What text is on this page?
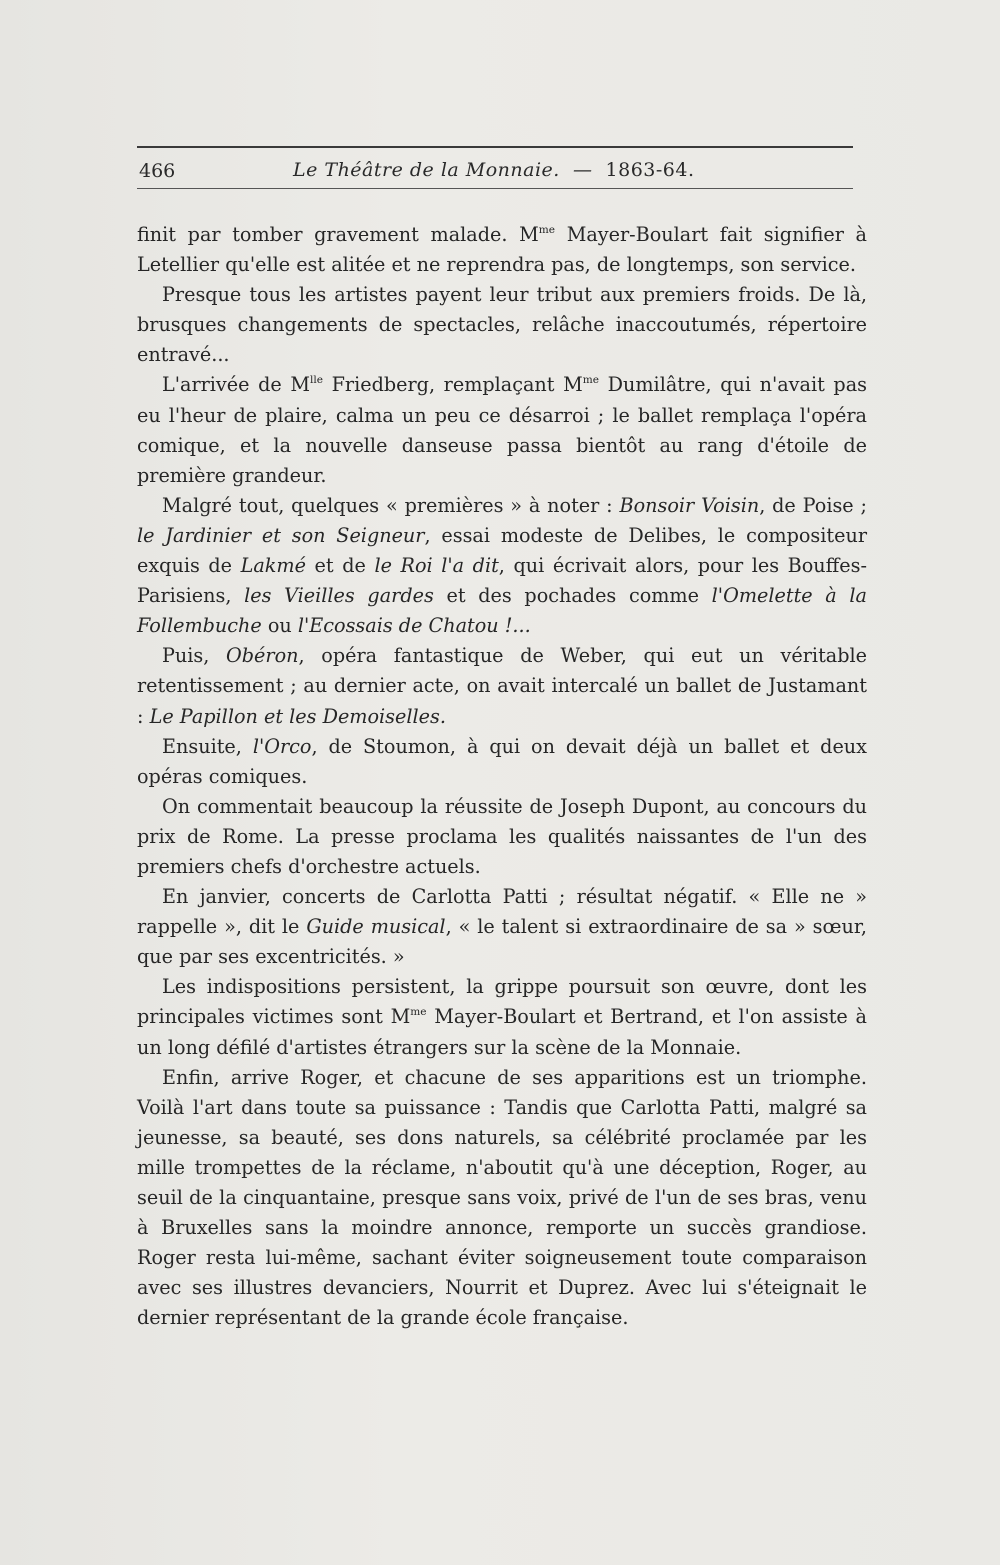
466	Le Théâtre de la Monnaie. — 1863-64.

finit par tomber gravement malade. $M^{me}$ Mayer-Boulart fait signifier à Letellier qu'elle est alitée et ne reprendra pas, de longtemps, son service.

Presque tous les artistes payent leur tribut aux premiers froids. De là, brusques changements de spectacles, relâche inaccoutumés, répertoire entravé...

L'arrivée de $M^{lle}$ Friedberg, remplaçant $M^{me}$ Dumilâtre, qui n'avait pas eu l'heur de plaire, calma un peu ce désarroi ; le ballet remplaça l'opéra comique, et la nouvelle danseuse passa bientôt au rang d'étoile de première grandeur.

Malgré tout, quelques « premières » à noter : Bonsoir Voisin, de Poise ; le Jardinier et son Seigneur, essai modeste de Delibes, le compositeur exquis de Lakmé et de le Roi l'a dit, qui écrivait alors, pour les Bouffes-Parisiens, les Vieilles gardes et des pochades comme l'Omelette à la Follembuche ou l'Ecossais de Chatou !...

Puis, Obéron, opéra fantastique de Weber, qui eut un véritable retentissement ; au dernier acte, on avait intercalé un ballet de Justamant : Le Papillon et les Demoiselles.

Ensuite, l'Orco, de Stoumon, à qui on devait déjà un ballet et deux opéras comiques.

On commentait beaucoup la réussite de Joseph Dupont, au concours du prix de Rome. La presse proclama les qualités naissantes de l'un des premiers chefs d'orchestre actuels.

En janvier, concerts de Carlotta Patti ; résultat négatif. « Elle ne » rappelle », dit le Guide musical, « le talent si extraordinaire de sa » sœur, que par ses excentricités. »

Les indispositions persistent, la grippe poursuit son œuvre, dont les principales victimes sont $M^{me}$ Mayer-Boulart et Bertrand, et l'on assiste à un long défilé d'artistes étrangers sur la scène de la Monnaie.

Enfin, arrive Roger, et chacune de ses apparitions est un triomphe. Voilà l'art dans toute sa puissance : Tandis que Carlotta Patti, malgré sa jeunesse, sa beauté, ses dons naturels, sa célébrité proclamée par les mille trompettes de la réclame, n'aboutit qu'à une déception, Roger, au seuil de la cinquantaine, presque sans voix, privé de l'un de ses bras, venu à Bruxelles sans la moindre annonce, remporte un succès grandiose. Roger resta lui-même, sachant éviter soigneusement toute comparaison avec ses illustres devanciers, Nourrit et Duprez. Avec lui s'éteignait le dernier représentant de la grande école française.
